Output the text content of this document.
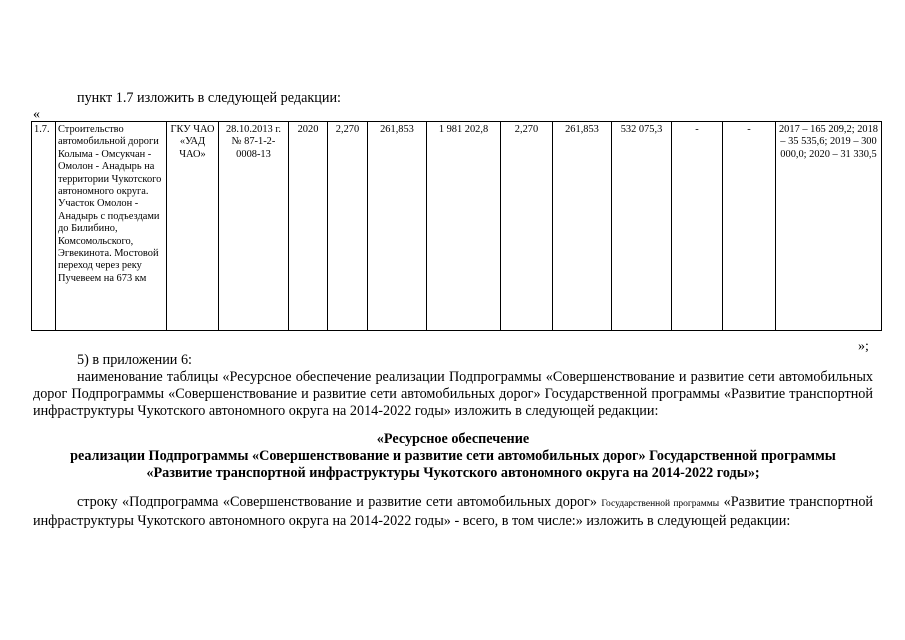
пункт 1.7 изложить в следующей редакции:

«
1.7.	Строительство автомобильной дороги Колыма - Омсукчан - Омолон - Анадырь на территории Чукотского автономного округа. Участок Омолон - Анадырь с подъездами до Билибино, Комсомольского, Эгвекинота. Мостовой переход через реку Пучевеем на 673 км	ГКУ ЧАО «УАД ЧАО»	28.10.2013 г. № 87-1-2-0008-13	2020	2,270	261,853	1 981 202,8	2,270	261,853	532 075,3	-	-	2017 – 165 209,2; 2018 – 35 535,6; 2019 – 300 000,0; 2020 – 31 330,5
»;

5) в приложении 6:

наименование таблицы «Ресурсное обеспечение реализации Подпрограммы «Совершенствование и развитие сети автомобильных дорог Подпрограммы «Совершенствование и развитие сети автомобильных дорог» Государственной программы «Развитие транспортной инфраструктуры Чукотского автономного округа на 2014-2022 годы» изложить в следующей редакции:

«Ресурсное обеспечение
реализации Подпрограммы «Совершенствование и развитие сети автомобильных дорог» Государственной программы
«Развитие транспортной инфраструктуры Чукотского автономного округа на 2014-2022 годы»;

строку «Подпрограмма «Совершенствование и развитие сети автомобильных дорог» Государственной программы «Развитие транспортной инфраструктуры Чукотского автономного округа на 2014-2022 годы» - всего, в том числе:» изложить в следующей редакции:
